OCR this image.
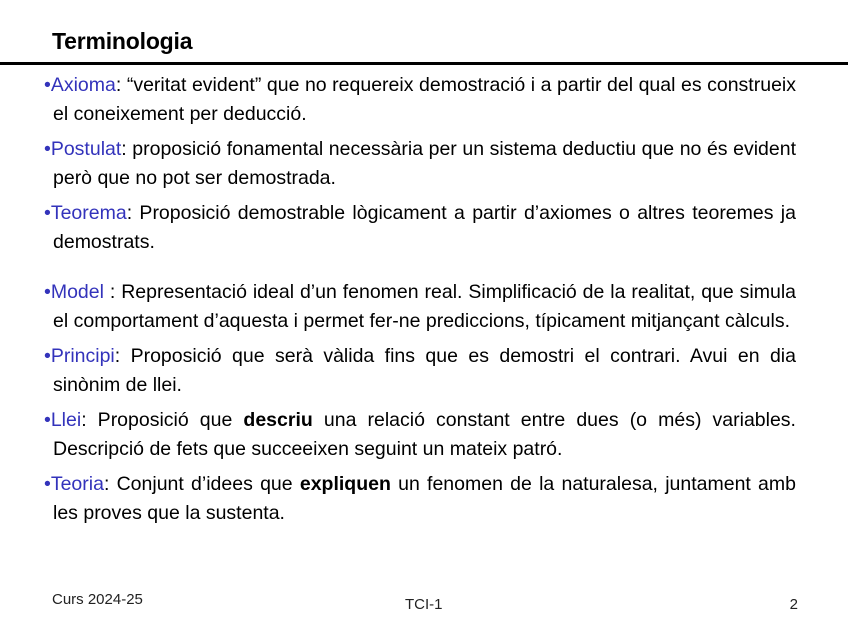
Terminologia

•Axioma: “veritat evident” que no requereix demostració i a partir del qual es construeix el coneixement per deducció.

•Postulat: proposició fonamental necessària per un sistema deductiu que no és evident però que no pot ser demostrada.

•Teorema: Proposició demostrable lògicament a partir d’axiomes o altres teoremes ja demostrats.

•Model : Representació ideal d’un fenomen real. Simplificació de la realitat, que simula el comportament d’aquesta i permet fer-ne prediccions, típicament mitjançant càlculs.

•Principi: Proposició que serà vàlida fins que es demostri el contrari. Avui en dia sinònim de llei.

•Llei: Proposició que descriu una relació constant entre dues (o més) variables. Descripció de fets que succeeixen seguint un mateix patró.

•Teoria: Conjunt d’idees que expliquen un fenomen de la naturalesa, juntament amb les proves que la sustenta.

Curs 2024-25	TCI-1	2
